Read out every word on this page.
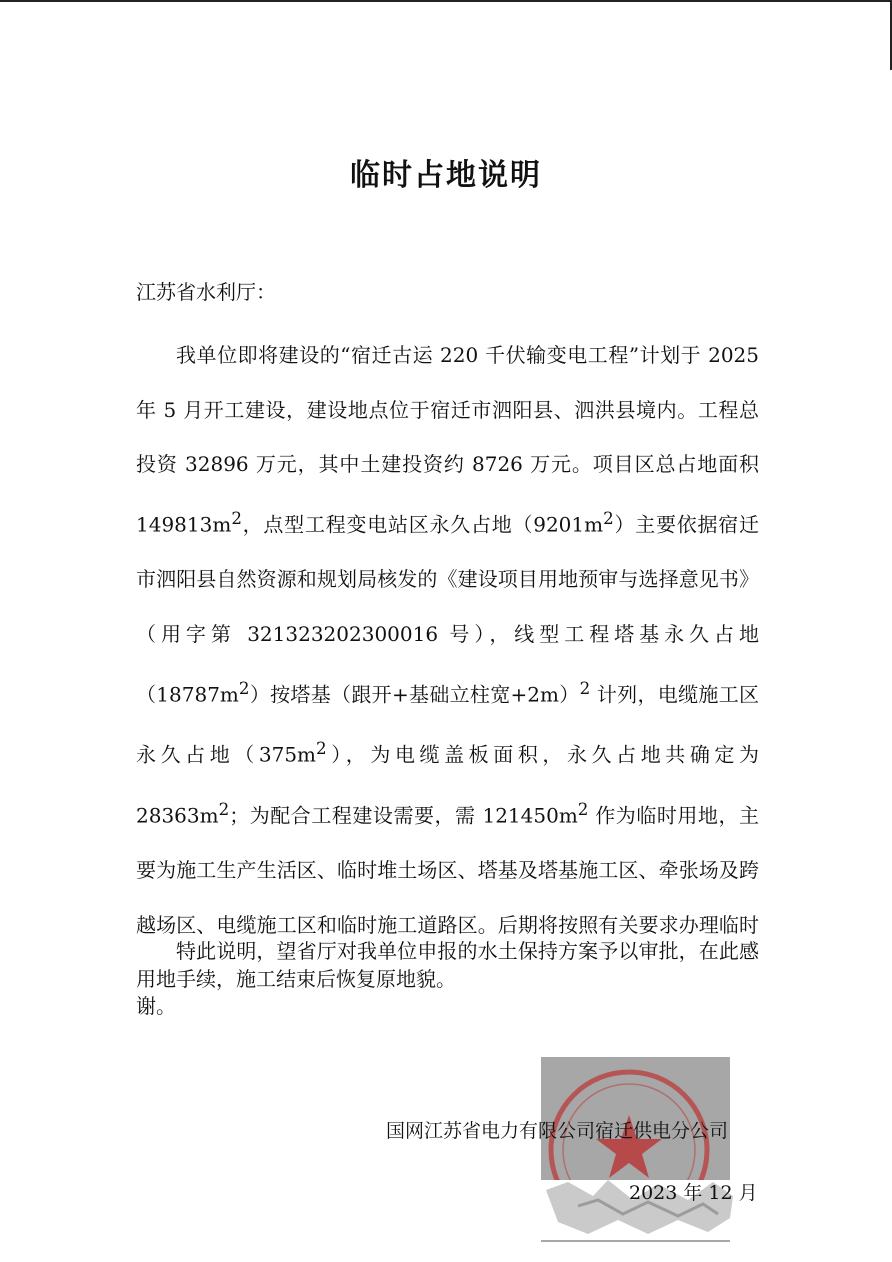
临时占地说明
江苏省水利厅：
我单位即将建设的“宿迁古运 220 千伏输变电工程”计划于 2025 年 5 月开工建设，建设地点位于宿迁市泗阳县、泗洪县境内。工程总投资 32896 万元，其中土建投资约 8726 万元。项目区总占地面积 $149813m^2$，点型工程变电站区永久占地$(9201m^2)$主要依据宿迁市泗阳县自然资源和规划局核发的《建设项目用地预审与选择意见书》（用字第 321323202300016 号），线型工程塔基永久占地$(18787m^2)$按塔基（跟开+基础立柱宽+2m）$^2$ 计列，电缆施工区永久占地$(375m^2)$，为电缆盖板面积，永久占地共确定为 $28363m^2$；为配合工程建设需要，需 $121450m^2$ 作为临时用地，主要为施工生产生活区、临时堆土场区、塔基及塔基施工区、牵张场及跨越场区、电缆施工区和临时施工道路区。后期将按照有关要求办理临时用地手续，施工结束后恢复原地貌。
特此说明，望省厅对我单位申报的水土保持方案予以审批，在此感谢。
国网江苏省电力有限公司宿迁供电分公司
2023 年 12 月
